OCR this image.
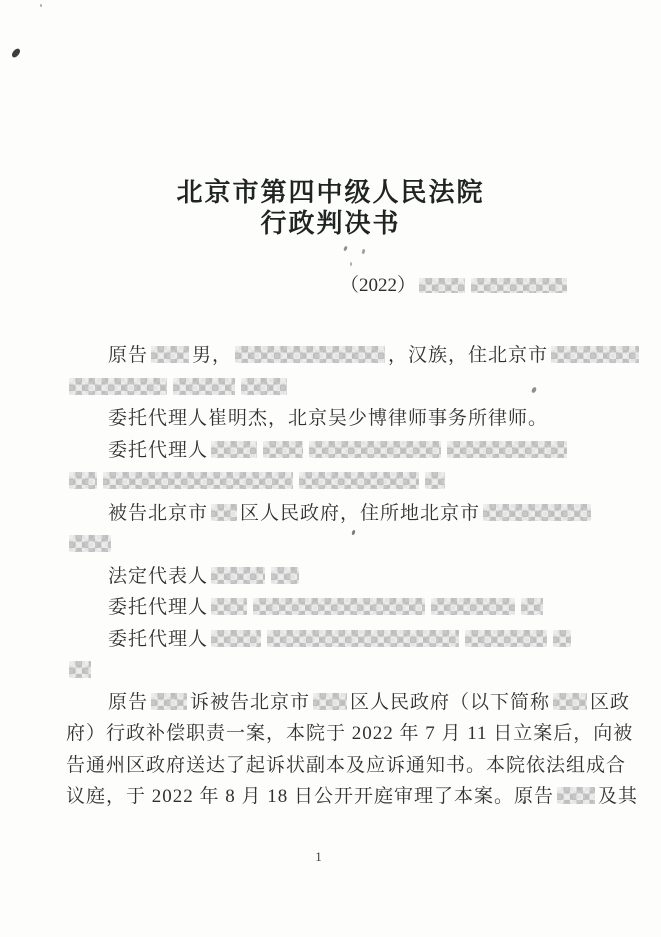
北京市第四中级人民法院
行政判决书
（2022）
原告 男，	，汉族，住北京市
委托代理人崔明杰，北京吴少博律师事务所律师。
委托代理人
被告北京市 区人民政府，住所地北京市
法定代表人
委托代理人
委托代理人
原告 诉被告北京市 区人民政府（以下简称 区政
府）行政补偿职责一案，本院于 2022 年 7 月 11 日立案后，向被
告通州区政府送达了起诉状副本及应诉通知书。本院依法组成合
议庭，于 2022 年 8 月 18 日公开开庭审理了本案。原告 及其
1
